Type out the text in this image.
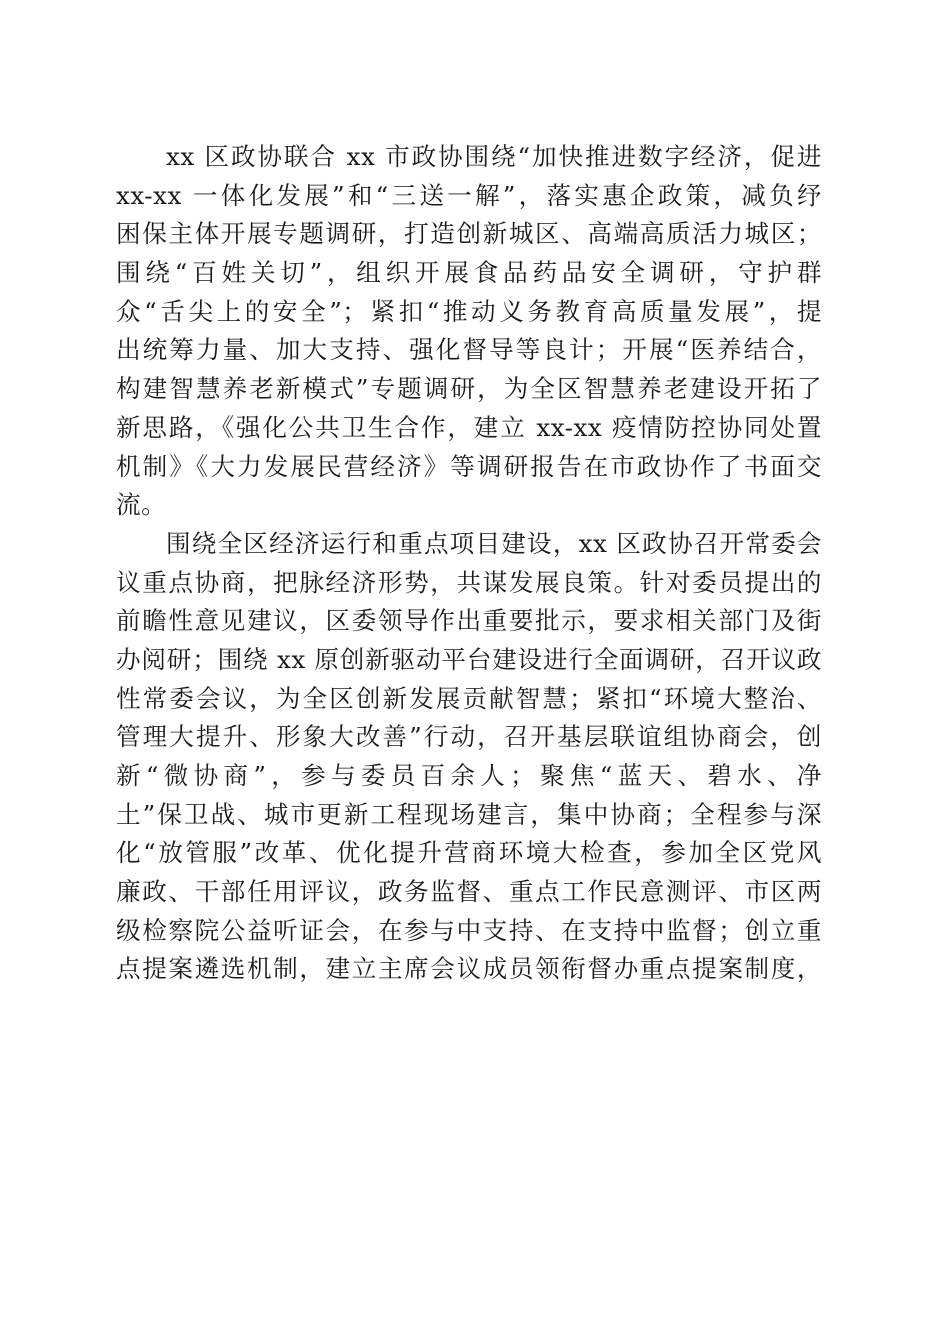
xx 区政协联合 xx 市政协围绕“加快推进数字经济，促进
xx-xx 一体化发展”和“三送一解”，落实惠企政策，减负纾
困保主体开展专题调研，打造创新城区、高端高质活力城区；
围绕“百姓关切”，组织开展食品药品安全调研，守护群
众“舌尖上的安全”；紧扣“推动义务教育高质量发展”，提
出统筹力量、加大支持、强化督导等良计；开展“医养结合，
构建智慧养老新模式”专题调研，为全区智慧养老建设开拓了
新思路，《强化公共卫生合作，建立 xx-xx 疫情防控协同处置
机制》《大力发展民营经济》等调研报告在市政协作了书面交
流。

围绕全区经济运行和重点项目建设，xx 区政协召开常委会
议重点协商，把脉经济形势，共谋发展良策。针对委员提出的
前瞻性意见建议，区委领导作出重要批示，要求相关部门及街
办阅研；围绕 xx 原创新驱动平台建设进行全面调研，召开议政
性常委会议，为全区创新发展贡献智慧；紧扣“环境大整治、
管理大提升、形象大改善”行动，召开基层联谊组协商会，创
新“微协商”，参与委员百余人；聚焦“蓝天、碧水、净
土”保卫战、城市更新工程现场建言，集中协商；全程参与深
化“放管服”改革、优化提升营商环境大检查，参加全区党风
廉政、干部任用评议，政务监督、重点工作民意测评、市区两
级检察院公益听证会，在参与中支持、在支持中监督；创立重
点提案遴选机制，建立主席会议成员领衔督办重点提案制度，
